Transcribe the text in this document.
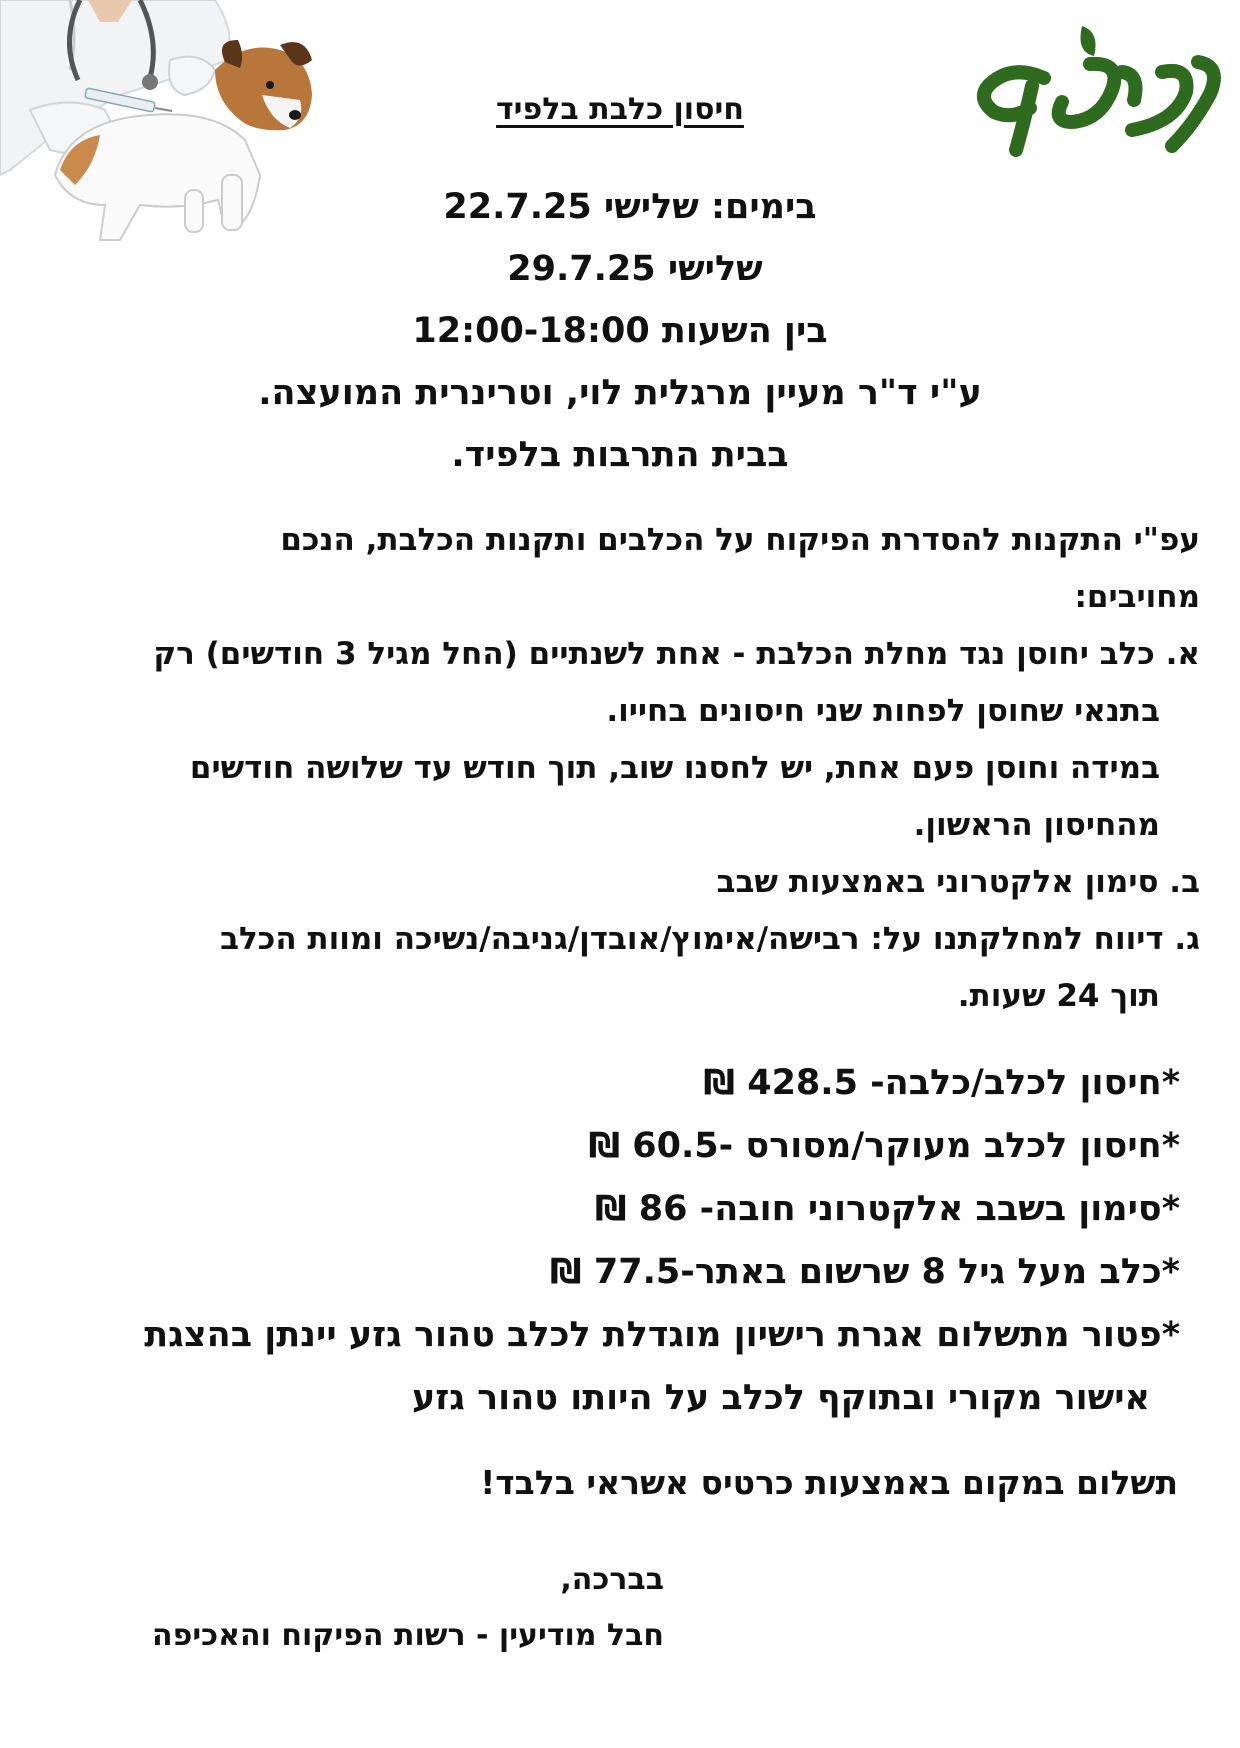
חיסון כלבת בלפיד
בימים: שלישי 22.7.25
שלישי 29.7.25
בין השעות 12:00-18:00
ע"י ד"ר מעיין מרגלית לוי, וטרינרית המועצה.
בבית התרבות בלפיד.

עפ"י התקנות להסדרת הפיקוח על הכלבים ותקנות הכלבת, הנכם

מחויבים:

א. כלב יחוסן נגד מחלת הכלבת - אחת לשנתיים (החל מגיל 3 חודשים) רק

בתנאי שחוסן לפחות שני חיסונים בחייו.

במידה וחוסן פעם אחת, יש לחסנו שוב, תוך חודש עד שלושה חודשים

מהחיסון הראשון.

ב. סימון אלקטרוני באמצעות שבב

ג. דיווח למחלקתנו על: רבישה/אימוץ/אובדן/גניבה/נשיכה ומוות הכלב

תוך 24 שעות.

*חיסון לכלב/כלבה- 428.5 ₪
*חיסון לכלב מעוקר/מסורס -60.5 ₪
*סימון בשבב אלקטרוני חובה- 86 ₪
*כלב מעל גיל 8 שרשום באתר-77.5 ₪
*פטור מתשלום אגרת רישיון מוגדלת לכלב טהור גזע יינתן בהצגת
אישור מקורי ובתוקף לכלב על היותו טהור גזע

תשלום במקום באמצעות כרטיס אשראי בלבד!

בברכה,

חבל מודיעין - רשות הפיקוח והאכיפה
